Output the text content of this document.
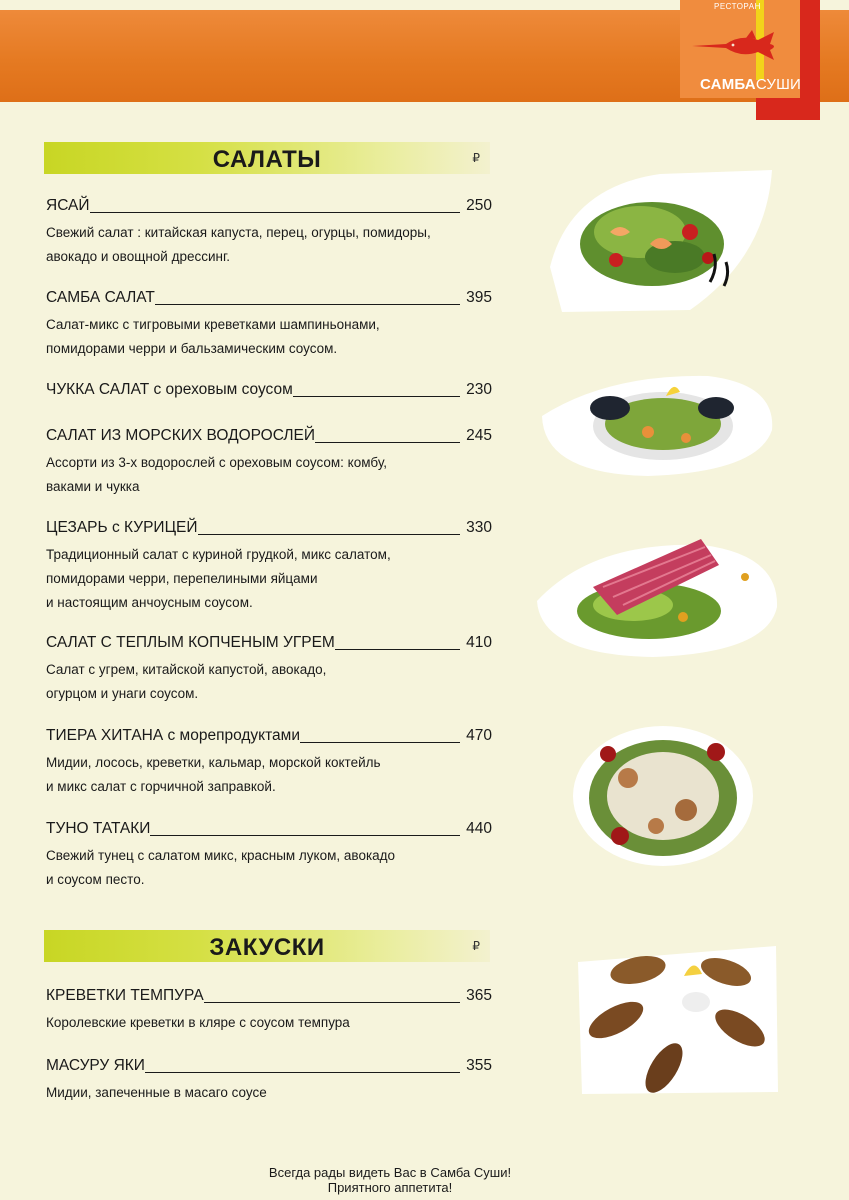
РЕСТОРАН
САМБАСУШИ
САЛАТЫ	₽
ЯСАЙ	250
Свежий салат : китайская капуста, перец, огурцы, помидоры,
авокадо и овощной дрессинг.
САМБА САЛАТ	395
Салат-микс с тигровыми креветками шампиньонами,
помидорами черри и бальзамическим соусом.
ЧУККА САЛАТ с ореховым соусом	230
САЛАТ ИЗ МОРСКИХ ВОДОРОСЛЕЙ	245
Ассорти из 3-х водорослей с ореховым соусом: комбу,
ваками и чукка
ЦЕЗАРЬ с КУРИЦЕЙ	330
Традиционный салат с куриной грудкой, микс салатом,
помидорами черри, перепелиными яйцами
и настоящим анчоусным соусом.
САЛАТ С ТЕПЛЫМ КОПЧЕНЫМ УГРЕМ	410
Салат с угрем, китайской капустой, авокадо,
огурцом и унаги соусом.
ТИЕРА ХИТАНА с морепродуктами	470
Мидии, лосось, креветки, кальмар, морской коктейль
и микс салат с горчичной заправкой.
ТУНО ТАТАКИ	440
Свежий тунец с салатом микс, красным луком, авокадо
и соусом песто.
ЗАКУСКИ	₽
КРЕВЕТКИ ТЕМПУРА	365
Королевские креветки в кляре с соусом темпура
МАСУРУ ЯКИ	355
Мидии, запеченные в масаго соусе
Всегда рады видеть Вас в Самба Суши!
Приятного аппетита!
